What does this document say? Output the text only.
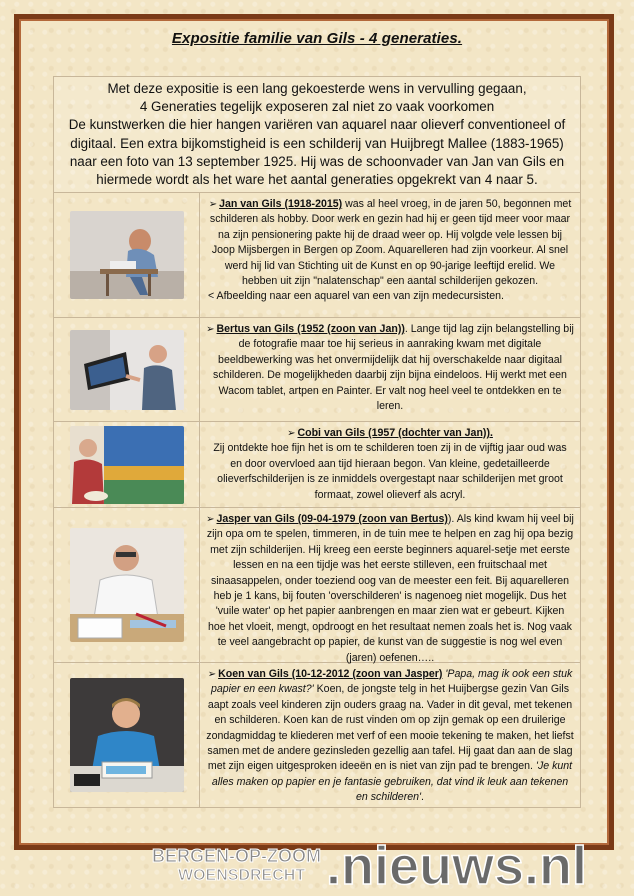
Expositie familie van Gils - 4 generaties.
Met deze expositie is een lang gekoesterde wens in vervulling gegaan,
4 Generaties tegelijk exposeren zal niet zo vaak voorkomen
De kunstwerken die hier hangen variëren van aquarel naar olieverf conventioneel of digitaal. Een extra bijkomstigheid is een schilderij van Huijbregt Mallee (1883-1965) naar een foto van 13 september 1925. Hij was de schoonvader van Jan van Gils en hiermede wordt als het ware het aantal generaties opgekrekt van 4 naar 5.
➢ Jan van Gils (1918-2015) was al heel vroeg, in de jaren 50, begonnen met schilderen als hobby. Door werk en gezin had hij er geen tijd meer voor maar na zijn pensionering pakte hij de draad weer op. Hij volgde vele lessen bij Joop Mijsbergen in Bergen op Zoom. Aquarelleren had zijn voorkeur. Al snel werd hij lid van Stichting uit de Kunst en op 90-jarige leeftijd erelid. We hebben uit zijn "nalatenschap" een aantal schilderijen gekozen.
< Afbeelding naar een aquarel van een van zijn medecursisten.
➢ Bertus van Gils (1952 (zoon van Jan)). Lange tijd lag zijn belangstelling bij de fotografie maar toe hij serieus in aanraking kwam met digitale beeldbewerking was het onvermijdelijk dat hij overschakelde naar digitaal schilderen. De mogelijkheden daarbij zijn bijna eindeloos. Hij werkt met een Wacom tablet, artpen en Painter. Er valt nog heel veel te ontdekken en te leren.
➢ Cobi van Gils (1957 (dochter van Jan)).
Zij ontdekte hoe fijn het is om te schilderen toen zij in de vijftig jaar oud was en door overvloed aan tijd hieraan begon. Van kleine, gedetailleerde olieverfschilderijen is ze inmiddels overgestapt naar schilderijen met groot formaat, zowel olieverf als acryl.
➢ Jasper van Gils (09-04-1979 (zoon van Bertus)). Als kind kwam hij veel bij zijn opa om te spelen, timmeren, in de tuin mee te helpen en zag hij opa bezig met zijn schilderijen. Hij kreeg een eerste beginners aquarel-setje met eerste lessen en na een tijdje was het eerste stilleven, een fruitschaal met sinaasappelen, onder toeziend oog van de meester een feit. Bij aquarelleren heb je 1 kans, bij fouten 'overschilderen' is nagenoeg niet mogelijk. Dus het 'vuile water' op het papier aanbrengen en maar zien wat er gebeurt. Kijken hoe het vloeit, mengt, opdroogt en het resultaat nemen zoals het is. Nog vaak te veel aangebracht op papier, de kunst van de suggestie is nog wel even (jaren) oefenen…..
➢ Koen van Gils (10-12-2012 (zoon van Jasper) 'Papa, mag ik ook een stuk papier en een kwast?' Koen, de jongste telg in het Huijbergse gezin Van Gils aapt zoals veel kinderen zijn ouders graag na. Vader in dit geval, met tekenen en schilderen. Koen kan de rust vinden om op zijn gemak op een druilerige zondagmiddag te kliederen met verf of een mooie tekening te maken, het liefst samen met de andere gezinsleden gezellig aan tafel. Hij gaat dan aan de slag met zijn eigen uitgesproken ideeën en is niet van zijn pad te brengen. 'Je kunt alles maken op papier en je fantasie gebruiken, dat vind ik leuk aan tekenen en schilderen'.
BERGEN-OP-ZOOM
WOENSDRECHT .nieuws.nl
